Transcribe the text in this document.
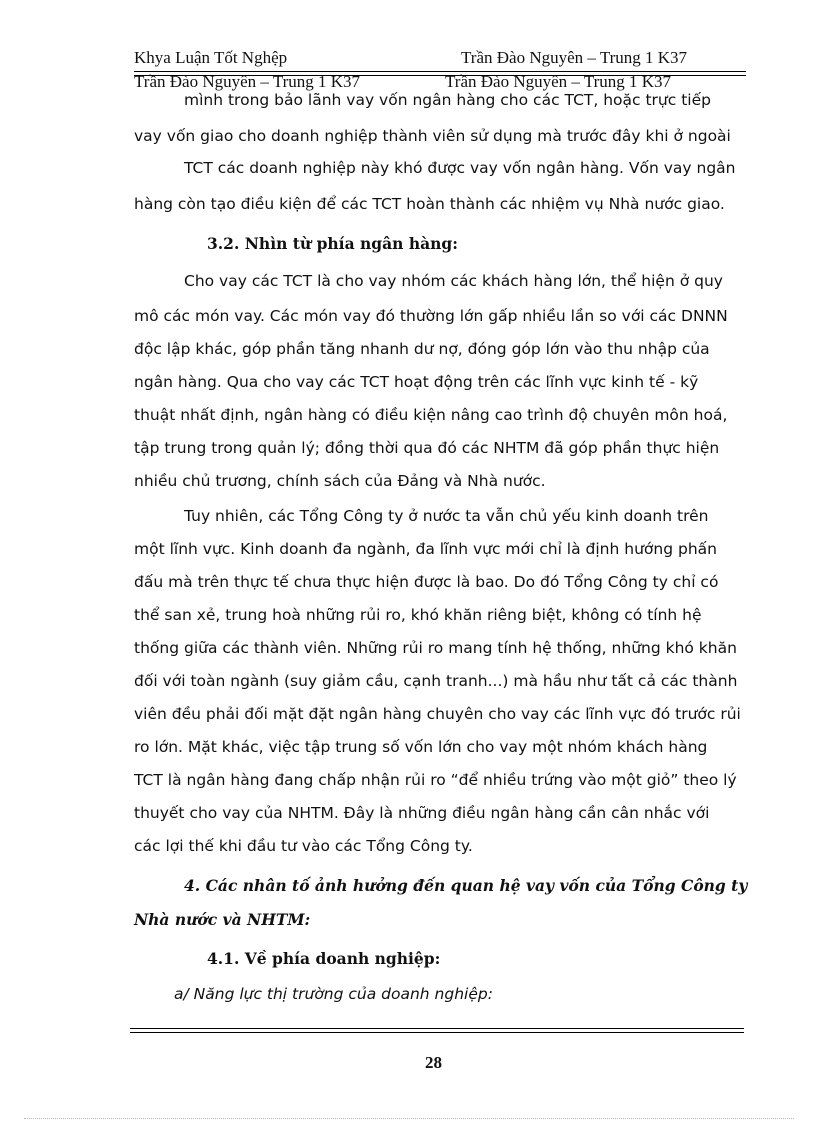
Khya Luận Tốt Nghệp	Trần Đào Nguyên – Trung 1 K37
Trần Đào Nguyên – Trung 1 K37	Trần Đào Nguyên – Trung 1 K37
mình trong bảo lãnh vay vốn ngân hàng cho các TCT, hoặc trực tiếp
vay vốn giao cho doanh nghiệp thành viên sử dụng mà trước đây khi ở ngoài
TCT các doanh nghiệp này khó được vay vốn ngân hàng. Vốn vay ngân
hàng còn tạo điều kiện để các TCT hoàn thành các nhiệm vụ Nhà nước giao.
3.2. Nhìn từ phía ngân hàng:
Cho vay các TCT là cho vay nhóm các khách hàng lớn, thể hiện ở quy
mô các món vay. Các món vay đó thường lớn gấp nhiều lần so với các DNNN
độc lập khác, góp phần tăng nhanh dư nợ, đóng góp lớn vào thu nhập của
ngân hàng. Qua cho vay các TCT hoạt động trên các lĩnh vực kinh tế - kỹ
thuật nhất định, ngân hàng có điều kiện nâng cao trình độ chuyên môn hoá,
tập trung trong quản lý; đồng thời qua đó các NHTM đã góp phần thực hiện
nhiều chủ trương, chính sách của Đảng và Nhà nước.
Tuy nhiên, các Tổng Công ty ở nước ta vẫn chủ yếu kinh doanh trên
một lĩnh vực. Kinh doanh đa ngành, đa lĩnh vực mới chỉ là định hướng phấn
đấu mà trên thực tế chưa thực hiện được là bao. Do đó Tổng Công ty chỉ có
thể san xẻ, trung hoà những rủi ro, khó khăn riêng biệt, không có tính hệ
thống giữa các thành viên. Những rủi ro mang tính hệ thống, những khó khăn
đối với toàn ngành (suy giảm cầu, cạnh tranh...) mà hầu như tất cả các thành
viên đều phải đối mặt đặt ngân hàng chuyên cho vay các lĩnh vực đó trước rủi
ro lớn. Mặt khác, việc tập trung số vốn lớn cho vay một nhóm khách hàng
TCT là ngân hàng đang chấp nhận rủi ro “để nhiều trứng vào một giỏ” theo lý
thuyết cho vay của NHTM. Đây là những điều ngân hàng cần cân nhắc với
các lợi thế khi đầu tư vào các Tổng Công ty.
4. Các nhân tố ảnh hưởng đến quan hệ vay vốn của Tổng Công ty
Nhà nước và NHTM:
4.1. Về phía doanh nghiệp:
a/ Năng lực thị trường của doanh nghiệp:
28
